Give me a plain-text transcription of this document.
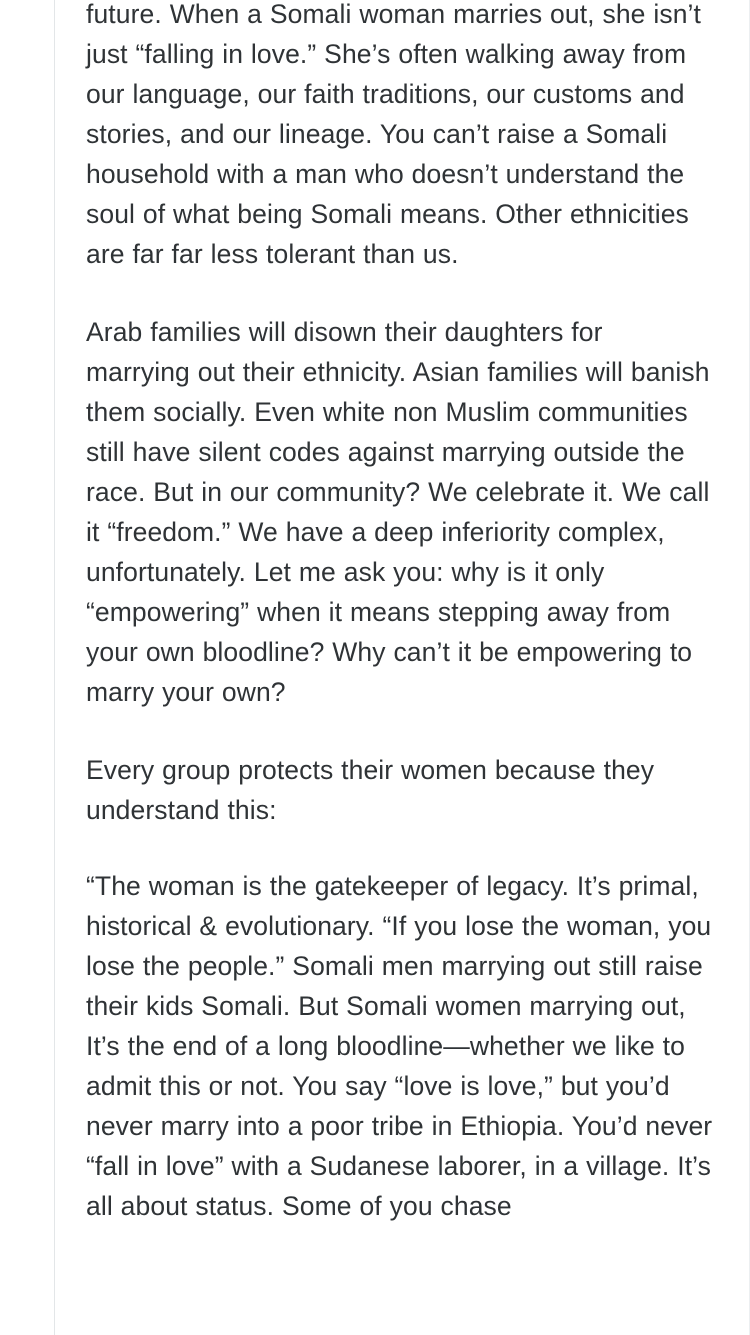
future. When a Somali woman marries out, she isn’t just “falling in love.” She’s often walking away from our language, our faith traditions, our customs and stories, and our lineage. You can’t raise a Somali household with a man who doesn’t understand the soul of what being Somali means. Other ethnicities are far far less tolerant than us.

Arab families will disown their daughters for marrying out their ethnicity. Asian families will banish them socially. Even white non Muslim communities still have silent codes against marrying outside the race. But in our community? We celebrate it. We call it “freedom.” We have a deep inferiority complex, unfortunately. Let me ask you: why is it only “empowering” when it means stepping away from your own bloodline? Why can’t it be empowering to marry your own?

Every group protects their women because they understand this:

“The woman is the gatekeeper of legacy. It’s primal, historical & evolutionary. “If you lose the woman, you lose the people.” Somali men marrying out still raise their kids Somali. But Somali women marrying out, It’s the end of a long bloodline—whether we like to admit this or not. You say “love is love,” but you’d never marry into a poor tribe in Ethiopia. You’d never “fall in love” with a Sudanese laborer, in a village. It’s all about status. Some of you chase
